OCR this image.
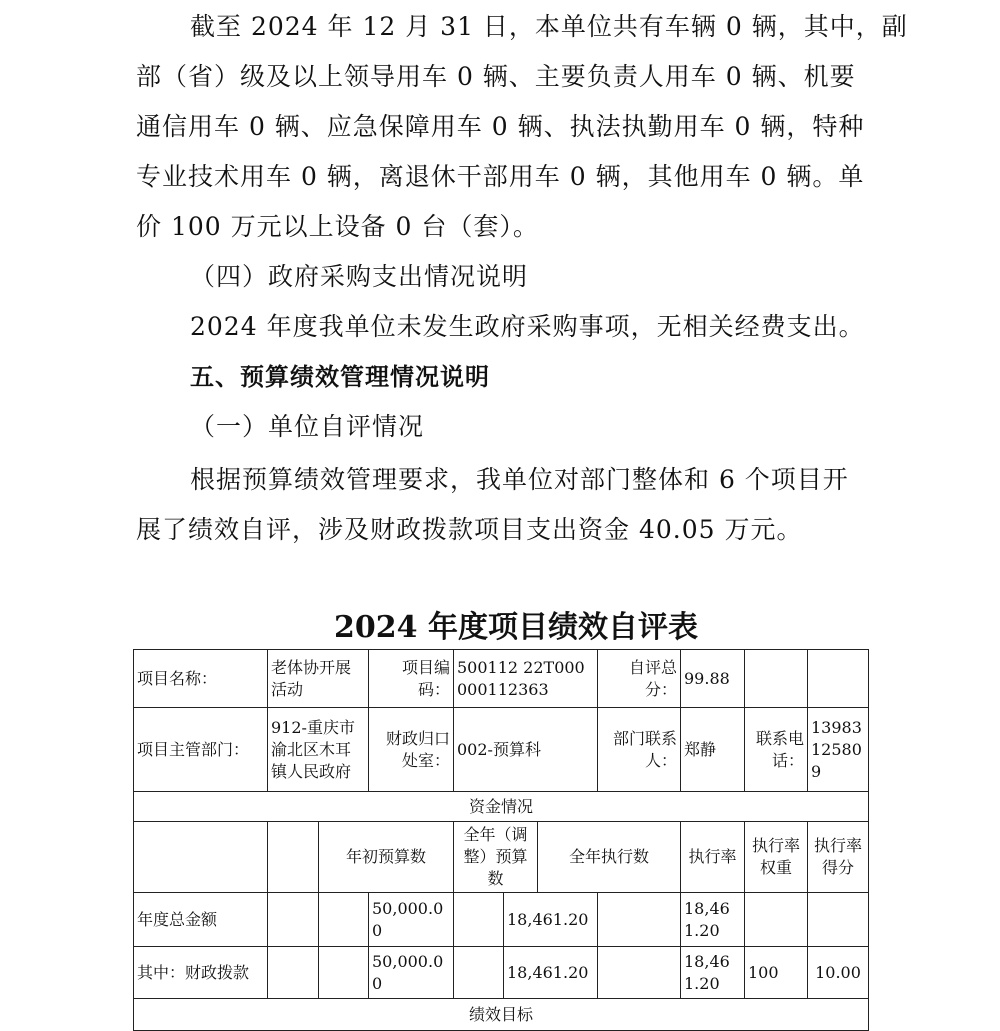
截至 2024 年 12 月 31 日，本单位共有车辆 0 辆，其中，副
部（省）级及以上领导用车 0 辆、主要负责人用车 0 辆、机要
通信用车 0 辆、应急保障用车 0 辆、执法执勤用车 0 辆，特种
专业技术用车 0 辆，离退休干部用车 0 辆，其他用车 0 辆。单
价 100 万元以上设备 0 台（套）。
（四）政府采购支出情况说明
2024 年度我单位未发生政府采购事项，无相关经费支出。
五、预算绩效管理情况说明
（一）单位自评情况
根据预算绩效管理要求，我单位对部门整体和 6 个项目开
展了绩效自评，涉及财政拨款项目支出资金 40.05 万元。
2024 年度项目绩效自评表
项目名称：	老体协开展活动		项目编码：	500112 22T000000112363			自评总分：	99.88		
项目主管部门：	912-重庆市渝北区木耳镇人民政府		财政归口处室：	002-预算科			部门联系人：	郑静	联系电话：	13983125809
资金情况										
		年初预算数		全年（调整）预算数		全年执行数		执行率	执行率权重	执行率得分
年度总金额			50,000.00		18,461.20			18,461.20		
其中：财政拨款			50,000.00		18,461.20			18,461.20	100	10.00
绩效目标										
